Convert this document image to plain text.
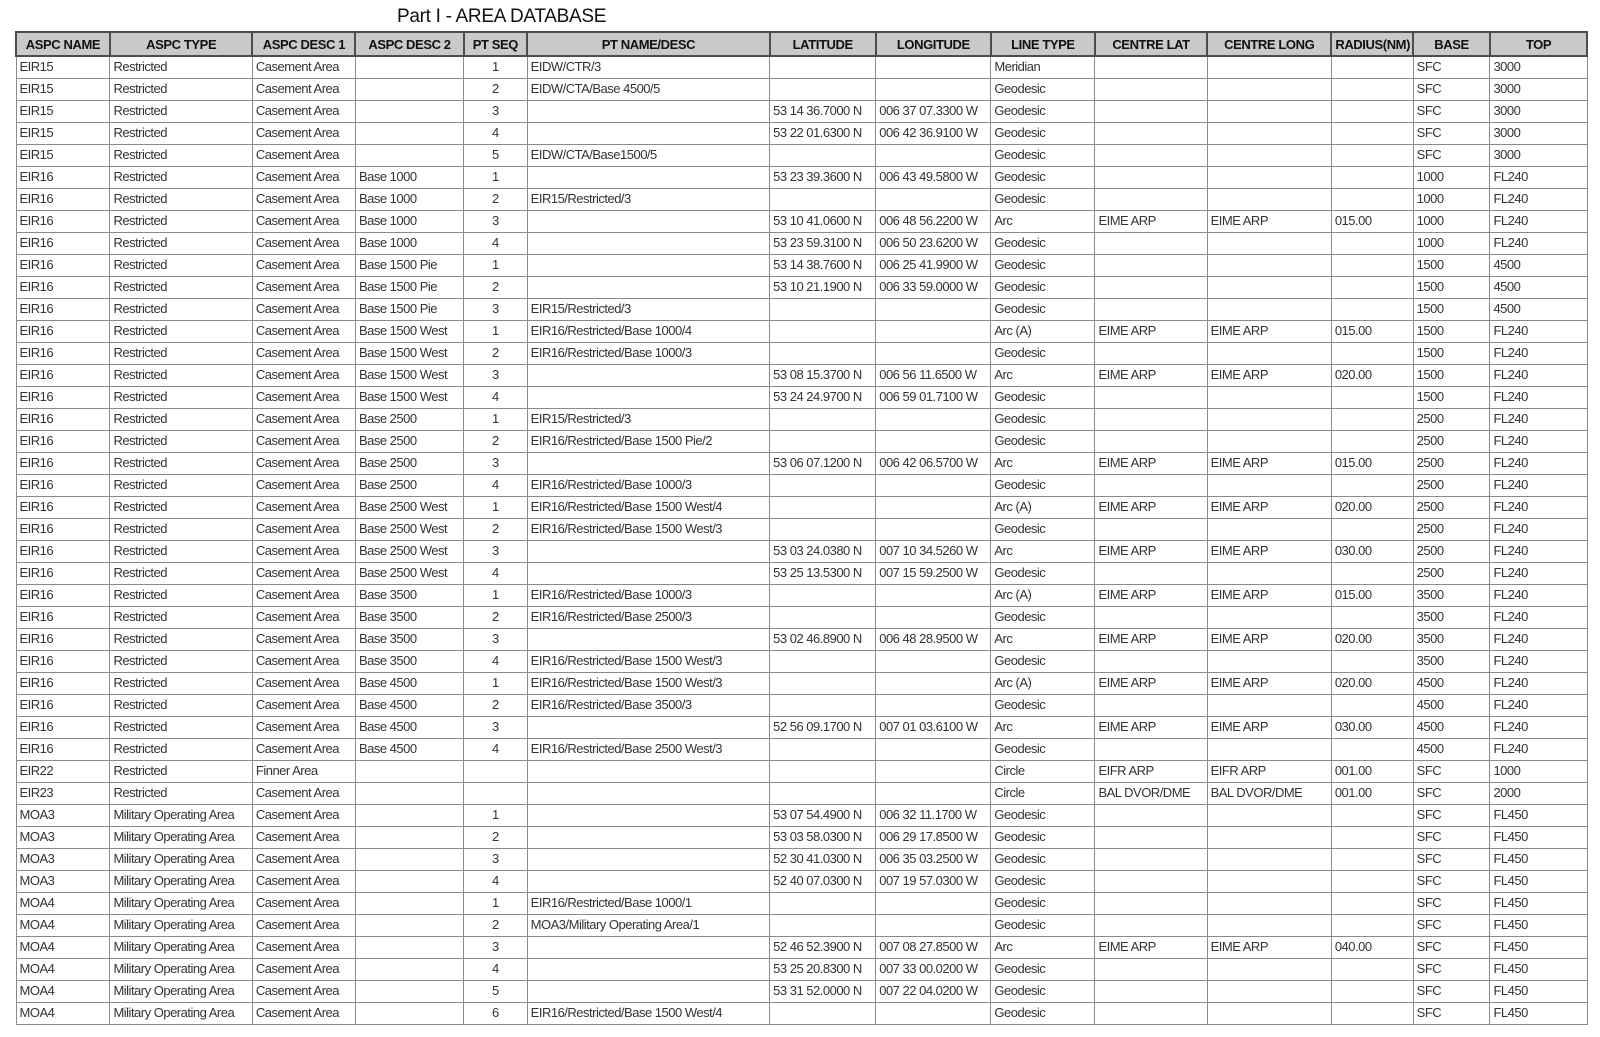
Part I - AREA DATABASE
ASPC NAME	ASPC TYPE	ASPC DESC 1	ASPC DESC 2	PT SEQ	PT NAME/DESC	LATITUDE	LONGITUDE	LINE TYPE	CENTRE LAT	CENTRE LONG	RADIUS(NM)	BASE	TOP
EIR15	Restricted	Casement Area		1	EIDW/CTR/3			Meridian				SFC	3000
EIR15	Restricted	Casement Area		2	EIDW/CTA/Base 4500/5			Geodesic				SFC	3000
EIR15	Restricted	Casement Area		3		53 14 36.7000 N	006 37 07.3300 W	Geodesic				SFC	3000
EIR15	Restricted	Casement Area		4		53 22 01.6300 N	006 42 36.9100 W	Geodesic				SFC	3000
EIR15	Restricted	Casement Area		5	EIDW/CTA/Base1500/5			Geodesic				SFC	3000
EIR16	Restricted	Casement Area	Base 1000	1		53 23 39.3600 N	006 43 49.5800 W	Geodesic				1000	FL240
EIR16	Restricted	Casement Area	Base 1000	2	EIR15/Restricted/3			Geodesic				1000	FL240
EIR16	Restricted	Casement Area	Base 1000	3		53 10 41.0600 N	006 48 56.2200 W	Arc	EIME ARP	EIME ARP	015.00	1000	FL240
EIR16	Restricted	Casement Area	Base 1000	4		53 23 59.3100 N	006 50 23.6200 W	Geodesic				1000	FL240
EIR16	Restricted	Casement Area	Base 1500 Pie	1		53 14 38.7600 N	006 25 41.9900 W	Geodesic				1500	4500
EIR16	Restricted	Casement Area	Base 1500 Pie	2		53 10 21.1900 N	006 33 59.0000 W	Geodesic				1500	4500
EIR16	Restricted	Casement Area	Base 1500 Pie	3	EIR15/Restricted/3			Geodesic				1500	4500
EIR16	Restricted	Casement Area	Base 1500 West	1	EIR16/Restricted/Base 1000/4			Arc (A)	EIME ARP	EIME ARP	015.00	1500	FL240
EIR16	Restricted	Casement Area	Base 1500 West	2	EIR16/Restricted/Base 1000/3			Geodesic				1500	FL240
EIR16	Restricted	Casement Area	Base 1500 West	3		53 08 15.3700 N	006 56 11.6500 W	Arc	EIME ARP	EIME ARP	020.00	1500	FL240
EIR16	Restricted	Casement Area	Base 1500 West	4		53 24 24.9700 N	006 59 01.7100 W	Geodesic				1500	FL240
EIR16	Restricted	Casement Area	Base 2500	1	EIR15/Restricted/3			Geodesic				2500	FL240
EIR16	Restricted	Casement Area	Base 2500	2	EIR16/Restricted/Base 1500 Pie/2			Geodesic				2500	FL240
EIR16	Restricted	Casement Area	Base 2500	3		53 06 07.1200 N	006 42 06.5700 W	Arc	EIME ARP	EIME ARP	015.00	2500	FL240
EIR16	Restricted	Casement Area	Base 2500	4	EIR16/Restricted/Base 1000/3			Geodesic				2500	FL240
EIR16	Restricted	Casement Area	Base 2500 West	1	EIR16/Restricted/Base 1500 West/4			Arc (A)	EIME ARP	EIME ARP	020.00	2500	FL240
EIR16	Restricted	Casement Area	Base 2500 West	2	EIR16/Restricted/Base 1500 West/3			Geodesic				2500	FL240
EIR16	Restricted	Casement Area	Base 2500 West	3		53 03 24.0380 N	007 10 34.5260 W	Arc	EIME ARP	EIME ARP	030.00	2500	FL240
EIR16	Restricted	Casement Area	Base 2500 West	4		53 25 13.5300 N	007 15 59.2500 W	Geodesic				2500	FL240
EIR16	Restricted	Casement Area	Base 3500	1	EIR16/Restricted/Base 1000/3			Arc (A)	EIME ARP	EIME ARP	015.00	3500	FL240
EIR16	Restricted	Casement Area	Base 3500	2	EIR16/Restricted/Base 2500/3			Geodesic				3500	FL240
EIR16	Restricted	Casement Area	Base 3500	3		53 02 46.8900 N	006 48 28.9500 W	Arc	EIME ARP	EIME ARP	020.00	3500	FL240
EIR16	Restricted	Casement Area	Base 3500	4	EIR16/Restricted/Base 1500 West/3			Geodesic				3500	FL240
EIR16	Restricted	Casement Area	Base 4500	1	EIR16/Restricted/Base 1500 West/3			Arc (A)	EIME ARP	EIME ARP	020.00	4500	FL240
EIR16	Restricted	Casement Area	Base 4500	2	EIR16/Restricted/Base 3500/3			Geodesic				4500	FL240
EIR16	Restricted	Casement Area	Base 4500	3		52 56 09.1700 N	007 01 03.6100 W	Arc	EIME ARP	EIME ARP	030.00	4500	FL240
EIR16	Restricted	Casement Area	Base 4500	4	EIR16/Restricted/Base 2500 West/3			Geodesic				4500	FL240
EIR22	Restricted	Finner Area						Circle	EIFR ARP	EIFR ARP	001.00	SFC	1000
EIR23	Restricted	Casement Area						Circle	BAL DVOR/DME	BAL DVOR/DME	001.00	SFC	2000
MOA3	Military Operating Area	Casement Area		1		53 07 54.4900 N	006 32 11.1700 W	Geodesic				SFC	FL450
MOA3	Military Operating Area	Casement Area		2		53 03 58.0300 N	006 29 17.8500 W	Geodesic				SFC	FL450
MOA3	Military Operating Area	Casement Area		3		52 30 41.0300 N	006 35 03.2500 W	Geodesic				SFC	FL450
MOA3	Military Operating Area	Casement Area		4		52 40 07.0300 N	007 19 57.0300 W	Geodesic				SFC	FL450
MOA4	Military Operating Area	Casement Area		1	EIR16/Restricted/Base 1000/1			Geodesic				SFC	FL450
MOA4	Military Operating Area	Casement Area		2	MOA3/Military Operating Area/1			Geodesic				SFC	FL450
MOA4	Military Operating Area	Casement Area		3		52 46 52.3900 N	007 08 27.8500 W	Arc	EIME ARP	EIME ARP	040.00	SFC	FL450
MOA4	Military Operating Area	Casement Area		4		53 25 20.8300 N	007 33 00.0200 W	Geodesic				SFC	FL450
MOA4	Military Operating Area	Casement Area		5		53 31 52.0000 N	007 22 04.0200 W	Geodesic				SFC	FL450
MOA4	Military Operating Area	Casement Area		6	EIR16/Restricted/Base 1500 West/4			Geodesic				SFC	FL450
